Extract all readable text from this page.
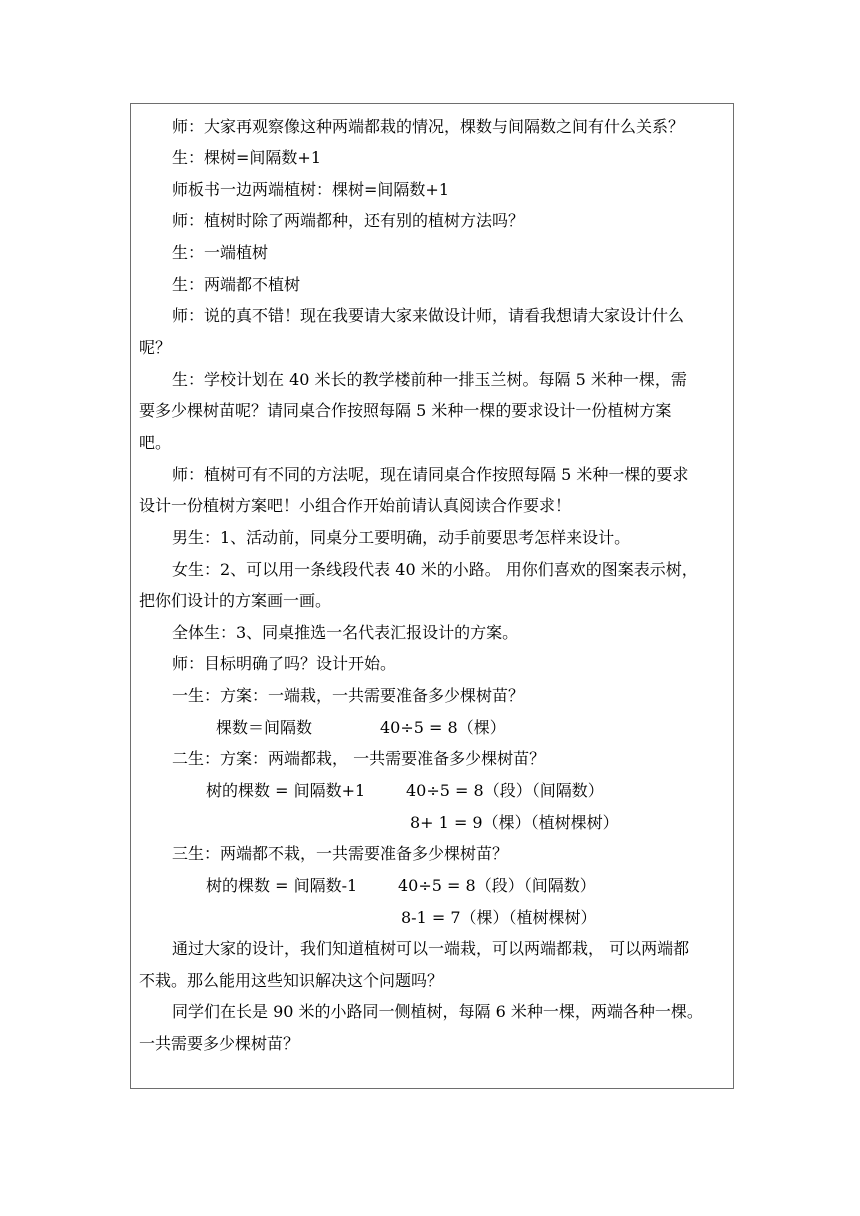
师：大家再观察像这种两端都栽的情况，棵数与间隔数之间有什么关系？
生：棵树=间隔数+1
师板书一边两端植树：棵树=间隔数+1
师：植树时除了两端都种，还有别的植树方法吗？
生：一端植树
生：两端都不植树
师：说的真不错！现在我要请大家来做设计师，请看我想请大家设计什么
呢？
生：学校计划在 40 米长的教学楼前种一排玉兰树。每隔 5 米种一棵，需
要多少棵树苗呢？请同桌合作按照每隔 5 米种一棵的要求设计一份植树方案
吧。
师：植树可有不同的方法呢，现在请同桌合作按照每隔 5 米种一棵的要求
设计一份植树方案吧！小组合作开始前请认真阅读合作要求！
男生：1、活动前，同桌分工要明确，动手前要思考怎样来设计。
女生：2、可以用一条线段代表 40 米的小路。 用你们喜欢的图案表示树，
把你们设计的方案画一画。
全体生：3、同桌推选一名代表汇报设计的方案。
师：目标明确了吗？设计开始。
一生：方案：一端栽，一共需要准备多少棵树苗？
棵数＝间隔数	40÷5 = 8（棵）
二生：方案：两端都栽， 一共需要准备多少棵树苗？
树的棵数 = 间隔数+1	40÷5 = 8（段）（间隔数）
8+ 1 = 9（棵）（植树棵树）
三生：两端都不栽，一共需要准备多少棵树苗？
树的棵数 = 间隔数-1	40÷5 = 8（段）（间隔数）
8-1 = 7（棵）（植树棵树）
通过大家的设计，我们知道植树可以一端栽，可以两端都栽， 可以两端都
不栽。那么能用这些知识解决这个问题吗？
同学们在长是 90 米的小路同一侧植树，每隔 6 米种一棵，两端各种一棵。
一共需要多少棵树苗？
